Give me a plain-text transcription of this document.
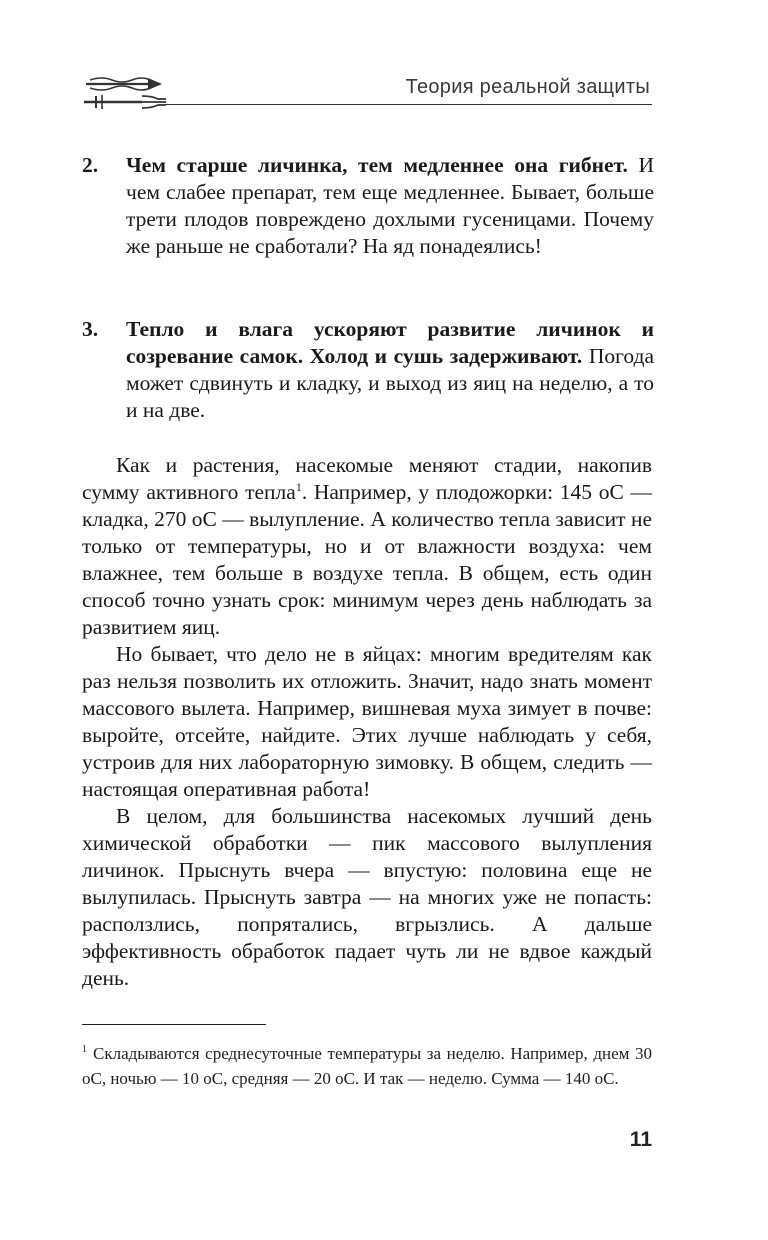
Теория реальной защиты
2. Чем старше личинка, тем медленнее она гибнет. И чем слабее препарат, тем еще медленнее. Бывает, больше трети плодов повреждено дохлыми гусеницами. Почему же раньше не сработали? На яд понадеялись!
3. Тепло и влага ускоряют развитие личинок и созревание самок. Холод и сушь задерживают. Погода может сдвинуть и кладку, и выход из яиц на неделю, а то и на две.

Как и растения, насекомые меняют стадии, накопив сумму активного тепла$^1$. Например, у плодожорки: 145 оС — кладка, 270 оС — вылупление. А количество тепла зависит не только от температуры, но и от влажности воздуха: чем влажнее, тем больше в воздухе тепла. В общем, есть один способ точно узнать срок: минимум через день наблюдать за развитием яиц.

Но бывает, что дело не в яйцах: многим вредителям как раз нельзя позволить их отложить. Значит, надо знать момент массового вылета. Например, вишневая муха зимует в почве: выройте, отсейте, найдите. Этих лучше наблюдать у себя, устроив для них лабораторную зимовку. В общем, следить — настоящая оперативная работа!

В целом, для большинства насекомых лучший день химической обработки — пик массового вылупления личинок. Прыснуть вчера — впустую: половина еще не вылупилась. Прыснуть завтра — на многих уже не попасть: расползлись, попрятались, вгрызлись. А дальше эффективность обработок падает чуть ли не вдвое каждый день.

$^1$ Складываются среднесуточные температуры за неделю. Например, днем 30 оС, ночью — 10 оС, средняя — 20 оС. И так — неделю. Сумма — 140 оС.
11
